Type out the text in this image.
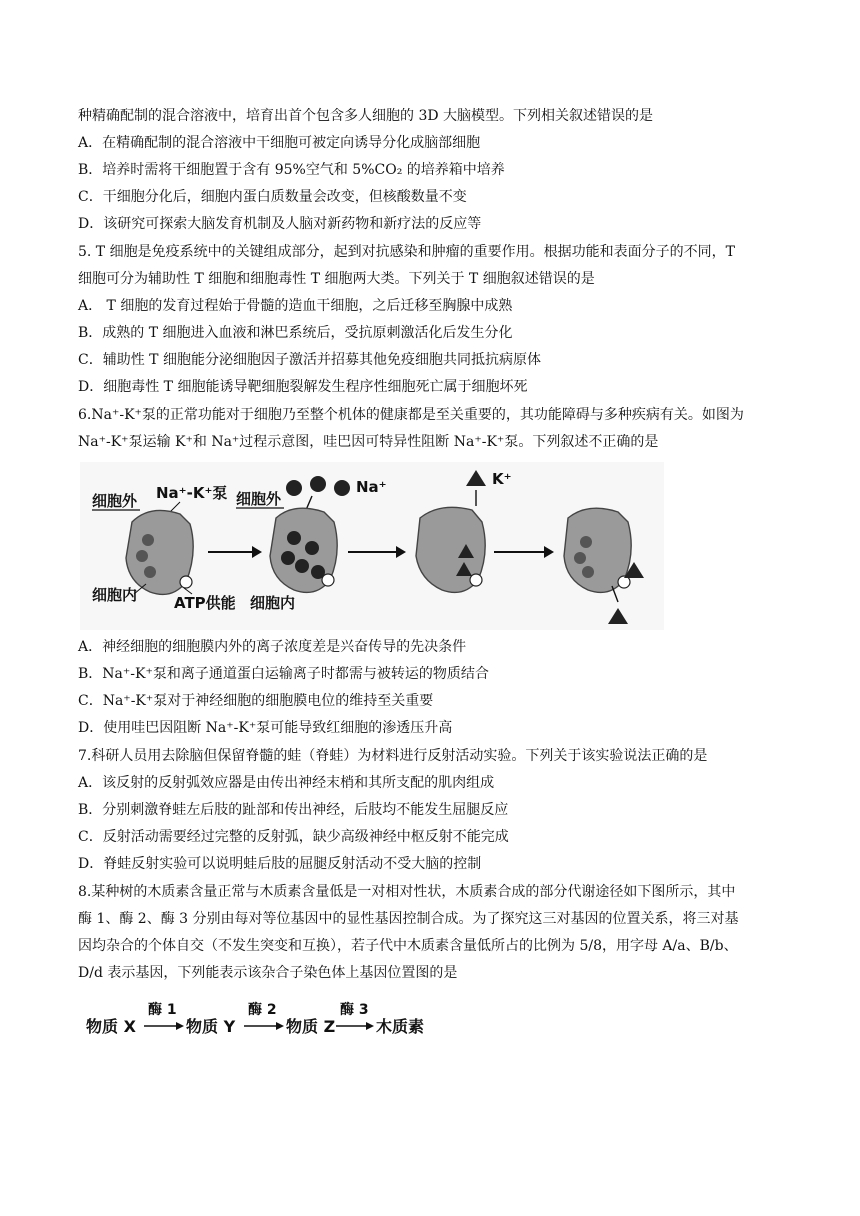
种精确配制的混合溶液中，培育出首个包含多人细胞的 3D 大脑模型。下列相关叙述错误的是
A．在精确配制的混合溶液中干细胞可被定向诱导分化成脑部细胞
B．培养时需将干细胞置于含有 95%空气和 5%CO₂ 的培养箱中培养
C．干细胞分化后，细胞内蛋白质数量会改变，但核酸数量不变
D．该研究可探索大脑发育机制及人脑对新药物和新疗法的反应等
5. T 细胞是免疫系统中的关键组成部分，起到对抗感染和肿瘤的重要作用。根据功能和表面分子的不同，T
细胞可分为辅助性 T 细胞和细胞毒性 T 细胞两大类。下列关于 T 细胞叙述错误的是
A． T 细胞的发育过程始于骨髓的造血干细胞，之后迁移至胸腺中成熟
B．成熟的 T 细胞进入血液和淋巴系统后，受抗原刺激活化后发生分化
C．辅助性 T 细胞能分泌细胞因子激活并招募其他免疫细胞共同抵抗病原体
D．细胞毒性 T 细胞能诱导靶细胞裂解发生程序性细胞死亡属于细胞坏死
6.Na⁺-K⁺泵的正常功能对于细胞乃至整个机体的健康都是至关重要的，其功能障碍与多种疾病有关。如图为
Na⁺-K⁺泵运输 K⁺和 Na⁺过程示意图，哇巴因可特异性阻断 Na⁺-K⁺泵。下列叙述不正确的是
细胞外 Na⁺-K⁺泵
细胞内 ATP供能
细胞外
Na⁺
细胞内
K⁺
A．神经细胞的细胞膜内外的离子浓度差是兴奋传导的先决条件
B．Na⁺-K⁺泵和离子通道蛋白运输离子时都需与被转运的物质结合
C．Na⁺-K⁺泵对于神经细胞的细胞膜电位的维持至关重要
D．使用哇巴因阻断 Na⁺-K⁺泵可能导致红细胞的渗透压升高
7.科研人员用去除脑但保留脊髓的蛙（脊蛙）为材料进行反射活动实验。下列关于该实验说法正确的是
A．该反射的反射弧效应器是由传出神经末梢和其所支配的肌肉组成
B．分别刺激脊蛙左后肢的趾部和传出神经，后肢均不能发生屈腿反应
C．反射活动需要经过完整的反射弧，缺少高级神经中枢反射不能完成
D．脊蛙反射实验可以说明蛙后肢的屈腿反射活动不受大脑的控制
8.某种树的木质素含量正常与木质素含量低是一对相对性状，木质素合成的部分代谢途径如下图所示，其中
酶 1、酶 2、酶 3 分别由每对等位基因中的显性基因控制合成。为了探究这三对基因的位置关系，将三对基
因均杂合的个体自交（不发生突变和互换），若子代中木质素含量低所占的比例为 5/8，用字母 A/a、B/b、
D/d 表示基因，下列能表示该杂合子染色体上基因位置图的是
物质 X
酶 1
物质 Y
酶 2
物质 Z
酶 3
木质素
